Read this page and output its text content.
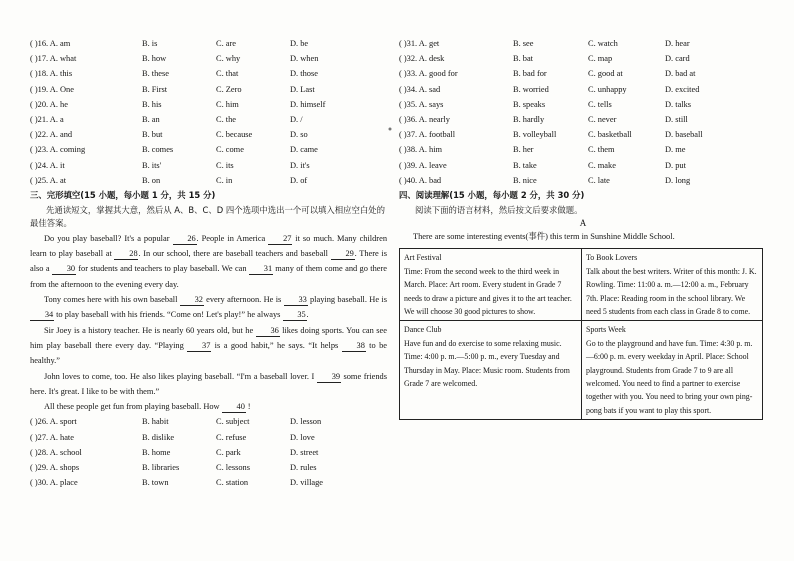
( )16. A. am	B. is	C. are	D. be
( )17. A. what	B. how	C. why	D. when
( )18. A. this	B. these	C. that	D. those
( )19. A. One	B. First	C. Zero	D. Last
( )20. A. he	B. his	C. him	D. himself
( )21. A. a	B. an	C. the	D. /
( )22. A. and	B. but	C. because	D. so
( )23. A. coming	B. comes	C. come	D. came
( )24. A. it	B. its'	C. its	D. it's
( )25. A. at	B. on	C. in	D. of
三、完形填空(15 小题，每小题 1 分，共 15 分)
先通读短文，掌握其大意，然后从 A、B、C、D 四个选项中选出一个可以填入相应空白处的最佳答案。

Do you play baseball? It's a popular 26. People in America 27 it so much. Many children learn to play baseball at 28. In our school, there are baseball teachers and baseball 29. There is also a 30 for students and teachers to play baseball. We can 31 many of them come and go there from the afternoon to the evening every day.

Tony comes here with his own baseball 32 every afternoon. He is 33 playing baseball. He is 34 to play baseball with his friends. “Come on! Let's play!” he always 35.

Sir Joey is a history teacher. He is nearly 60 years old, but he 36 likes doing sports. You can see him play baseball there every day. “Playing 37 is a good habit,” he says. “It helps 38 to be healthy.”

John loves to come, too. He also likes playing baseball. “I'm a baseball lover. I 39 some friends here. It's great. I like to be with them.”

All these people get fun from playing baseball. How 40 !

( )26. A. sport	B. habit	C. subject	D. lesson
( )27. A. hate	B. dislike	C. refuse	D. love
( )28. A. school	B. home	C. park	D. street
( )29. A. shops	B. libraries	C. lessons	D. rules
( )30. A. place	B. town	C. station	D. village
( )31. A. get	B. see	C. watch	D. hear
( )32. A. desk	B. bat	C. map	D. card
( )33. A. good for	B. bad for	C. good at	D. bad at
( )34. A. sad	B. worried	C. unhappy	D. excited
( )35. A. says	B. speaks	C. tells	D. talks
( )36. A. nearly	B. hardly	C. never	D. still
( )37. A. football	B. volleyball	C. basketball	D. baseball
( )38. A. him	B. her	C. them	D. me
( )39. A. leave	B. take	C. make	D. put
( )40. A. bad	B. nice	C. late	D. long
四、阅读理解(15 小题，每小题 2 分，共 30 分)
阅读下面的语言材料，然后按文后要求做题。
A

There are some interesting events(事件) this term in Sunshine Middle School.

Art Festival
Time: From the second week to the third week in March. Place: Art room. Every student in Grade 7 needs to draw a picture and gives it to the art teacher. We will choose 30 good pictures to show.
To Book Lovers
Talk about the best writers. Writer of this month: J. K. Rowling. Time: 11:00 a. m.—12:00 a. m., February 7th. Place: Reading room in the school library. We need 5 students from each class in Grade 8 to come.
Dance Club
Have fun and do exercise to some relaxing music. Time: 4:00 p. m.—5:00 p. m., every Tuesday and Thursday in May. Place: Music room. Students from Grade 7 are welcomed.
Sports Week
Go to the playground and have fun. Time: 4:30 p. m.—6:00 p. m. every weekday in April. Place: School playground. Students from Grade 7 to 9 are all welcomed. You need to find a partner to exercise together with you. You need to bring your own ping-pong bats if you want to play this sport.
